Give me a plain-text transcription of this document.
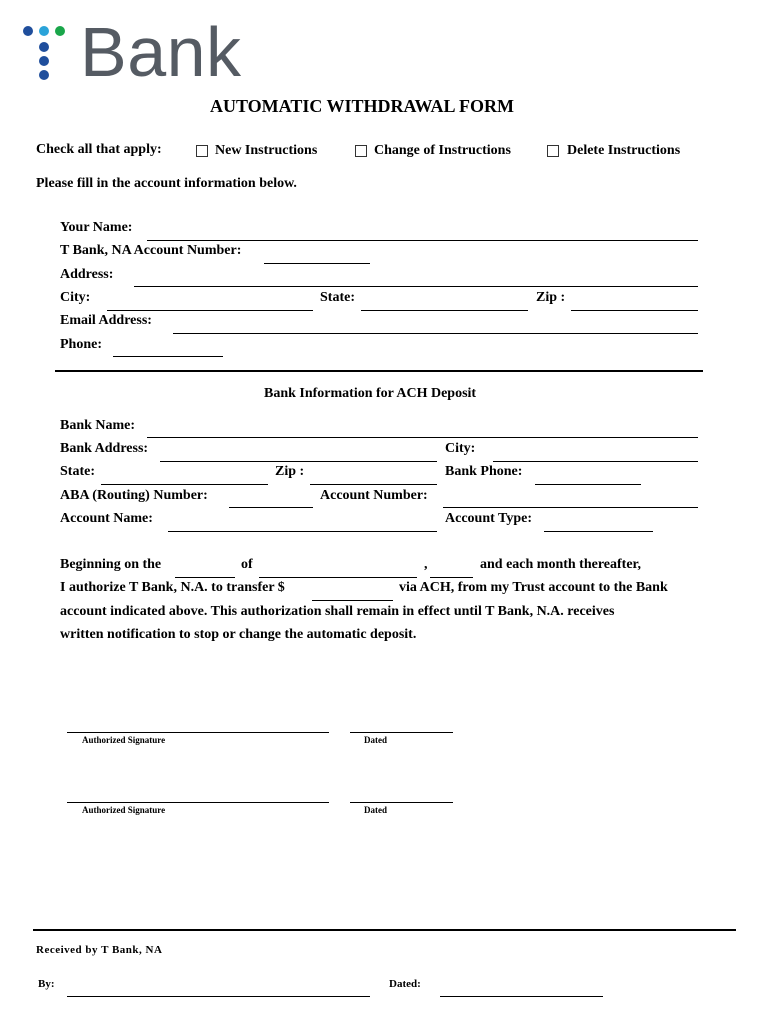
Bank
AUTOMATIC WITHDRAWAL FORM
Check all that apply:	New Instructions	Change of Instructions	Delete Instructions
Please fill in the account information below.
Your Name:
T Bank, NA Account Number:
Address:
City:	State:	Zip :
Email Address:
Phone:
Bank Information for ACH Deposit
Bank Name:
Bank Address:	City:
State:	Zip :	Bank Phone:
ABA (Routing) Number:	Account Number:
Account Name:	Account Type:
Beginning on the	of	,	and each month thereafter,
I authorize T Bank, N.A. to transfer $	via ACH, from my Trust account to the Bank
account indicated above. This authorization shall remain in effect until T Bank, N.A. receives
written notification to stop or change the automatic deposit.
Authorized Signature	Dated
Authorized Signature	Dated
Received by T Bank, NA
By:	Dated:
